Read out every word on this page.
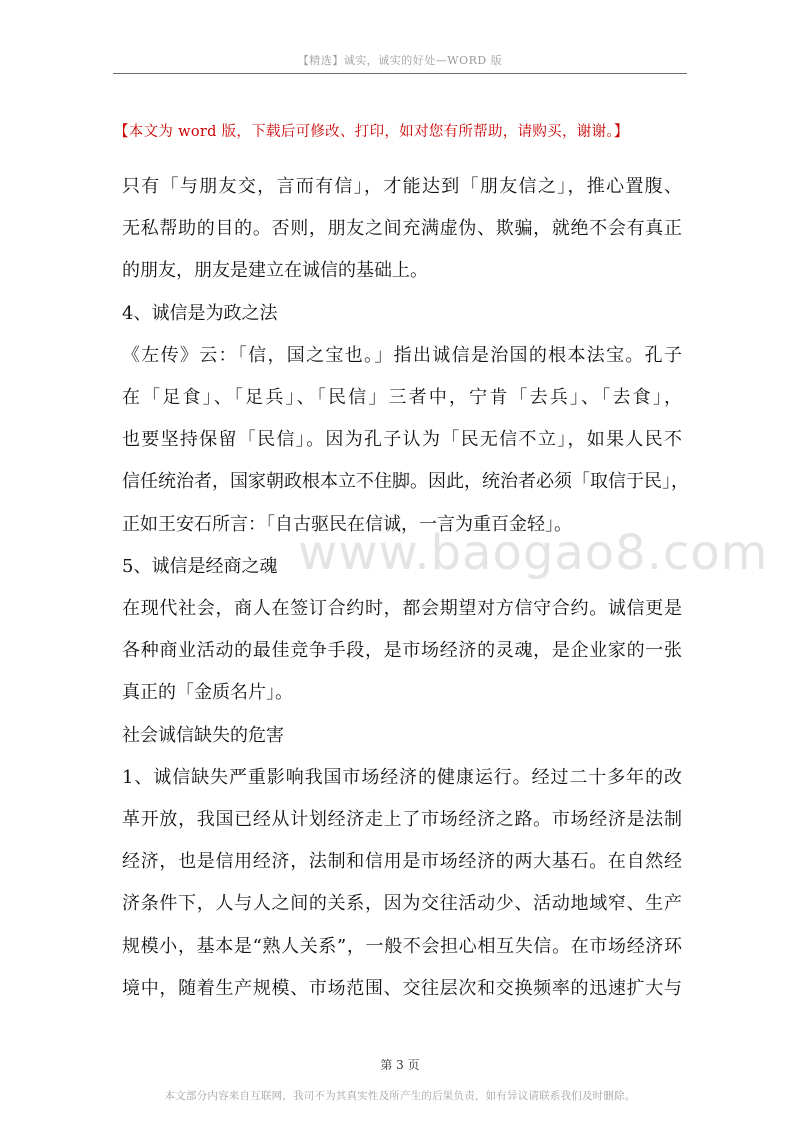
【精选】诚实，诚实的好处—WORD 版
【本文为 word 版，下载后可修改、打印，如对您有所帮助，请购买，谢谢。】
www.baogao8.com
只有「与朋友交，言而有信」，才能达到「朋友信之」，推心置腹、
无私帮助的目的。否则，朋友之间充满虚伪、欺骗，就绝不会有真正
的朋友，朋友是建立在诚信的基础上。
4、诚信是为政之法
《左传》云：「信，国之宝也。」指出诚信是治国的根本法宝。孔子
在「足食」、「足兵」、「民信」三者中，宁肯「去兵」、「去食」，
也要坚持保留「民信」。因为孔子认为「民无信不立」，如果人民不
信任统治者，国家朝政根本立不住脚。因此，统治者必须「取信于民」，
正如王安石所言：「自古驱民在信诚，一言为重百金轻」。
5、诚信是经商之魂
在现代社会，商人在签订合约时，都会期望对方信守合约。诚信更是
各种商业活动的最佳竞争手段，是市场经济的灵魂，是企业家的一张
真正的「金质名片」。
社会诚信缺失的危害
1、诚信缺失严重影响我国市场经济的健康运行。经过二十多年的改
革开放，我国已经从计划经济走上了市场经济之路。市场经济是法制
经济，也是信用经济，法制和信用是市场经济的两大基石。在自然经
济条件下，人与人之间的关系，因为交往活动少、活动地域窄、生产
规模小，基本是“熟人关系”，一般不会担心相互失信。在市场经济环
境中，随着生产规模、市场范围、交往层次和交换频率的迅速扩大与
第 3 页
本文部分内容来自互联网，我司不为其真实性及所产生的后果负责，如有异议请联系我们及时删除。
